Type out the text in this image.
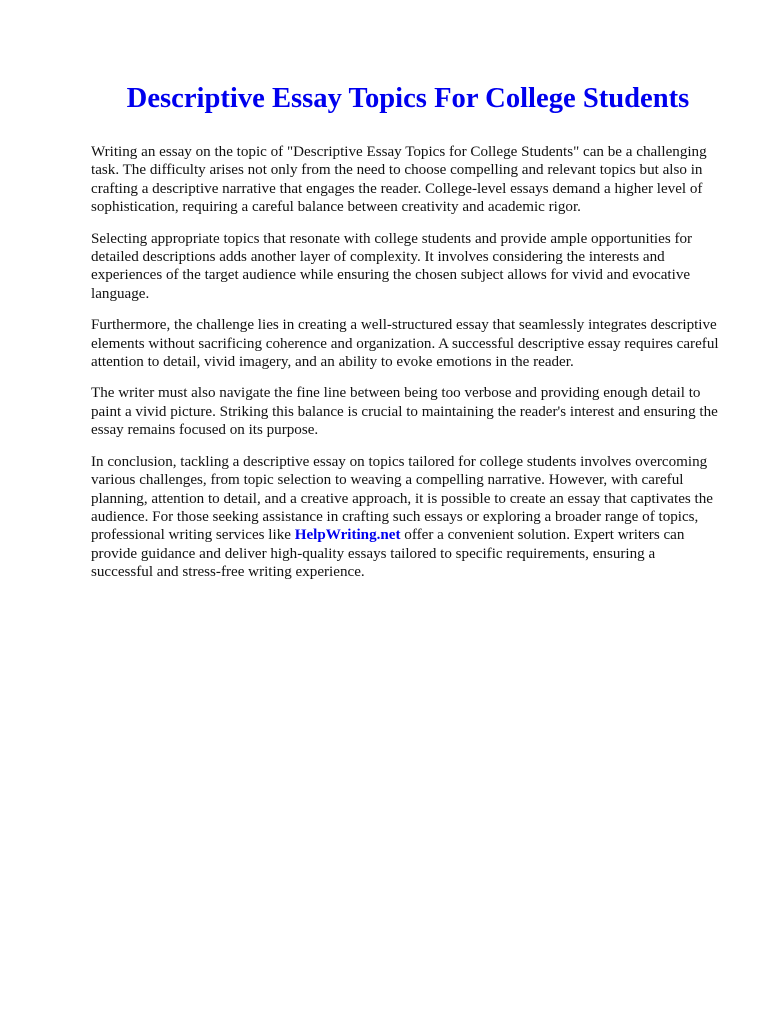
Descriptive Essay Topics For College Students

Writing an essay on the topic of "Descriptive Essay Topics for College Students" can be a challenging task. The difficulty arises not only from the need to choose compelling and relevant topics but also in crafting a descriptive narrative that engages the reader. College-level essays demand a higher level of sophistication, requiring a careful balance between creativity and academic rigor.

Selecting appropriate topics that resonate with college students and provide ample opportunities for detailed descriptions adds another layer of complexity. It involves considering the interests and experiences of the target audience while ensuring the chosen subject allows for vivid and evocative language.

Furthermore, the challenge lies in creating a well-structured essay that seamlessly integrates descriptive elements without sacrificing coherence and organization. A successful descriptive essay requires careful attention to detail, vivid imagery, and an ability to evoke emotions in the reader.

The writer must also navigate the fine line between being too verbose and providing enough detail to paint a vivid picture. Striking this balance is crucial to maintaining the reader's interest and ensuring the essay remains focused on its purpose.

In conclusion, tackling a descriptive essay on topics tailored for college students involves overcoming various challenges, from topic selection to weaving a compelling narrative. However, with careful planning, attention to detail, and a creative approach, it is possible to create an essay that captivates the audience. For those seeking assistance in crafting such essays or exploring a broader range of topics, professional writing services like HelpWriting.net offer a convenient solution. Expert writers can provide guidance and deliver high-quality essays tailored to specific requirements, ensuring a successful and stress-free writing experience.
